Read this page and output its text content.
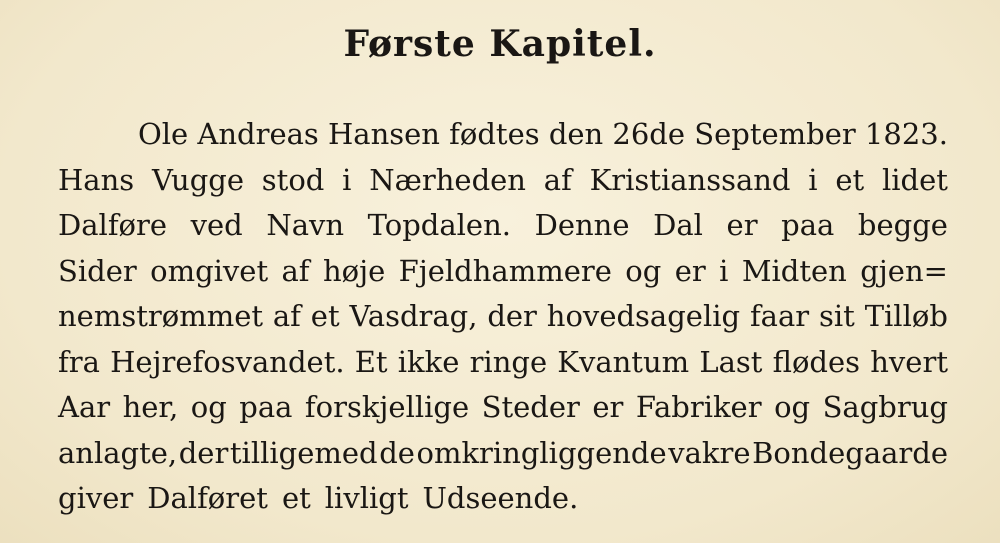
Første Kapitel.
Ole Andreas Hansen fødtes den 26de September 1823.
Hans Vugge stod i Nærheden af Kristianssand i et lidet
Dalføre ved Navn Topdalen. Denne Dal er paa begge
Sider omgivet af høje Fjeldhammere og er i Midten gjen=
nemstrømmet af et Vasdrag, der hovedsagelig faar sit Tilløb
fra Hejrefosvandet. Et ikke ringe Kvantum Last flødes hvert
Aar her, og paa forskjellige Steder er Fabriker og Sagbrug
anlagte, der tilligemed de omkringliggende vakre Bondegaarde
giver Dalføret et livligt Udseende.
